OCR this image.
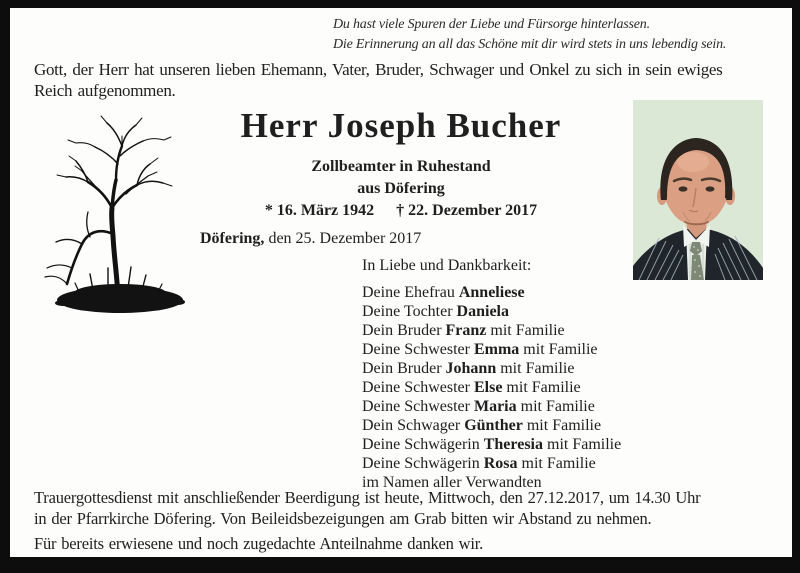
Du hast viele Spuren der Liebe und Fürsorge hinterlassen.
Die Erinnerung an all das Schöne mit dir wird stets in uns lebendig sein.
Gott, der Herr hat unseren lieben Ehemann, Vater, Bruder, Schwager und Onkel zu sich in sein ewiges
Reich aufgenommen.
Herr Joseph Bucher
Zollbeamter in Ruhestand
aus Döfering
* 16. März 1942 † 22. Dezember 2017
Döfering, den 25. Dezember 2017
In Liebe und Dankbarkeit:
Deine Ehefrau Anneliese
Deine Tochter Daniela
Dein Bruder Franz mit Familie
Deine Schwester Emma mit Familie
Dein Bruder Johann mit Familie
Deine Schwester Else mit Familie
Deine Schwester Maria mit Familie
Dein Schwager Günther mit Familie
Deine Schwägerin Theresia mit Familie
Deine Schwägerin Rosa mit Familie
im Namen aller Verwandten
Trauergottesdienst mit anschließender Beerdigung ist heute, Mittwoch, den 27.12.2017, um 14.30 Uhr
in der Pfarrkirche Döfering. Von Beileidsbezeigungen am Grab bitten wir Abstand zu nehmen.
Für bereits erwiesene und noch zugedachte Anteilnahme danken wir.
